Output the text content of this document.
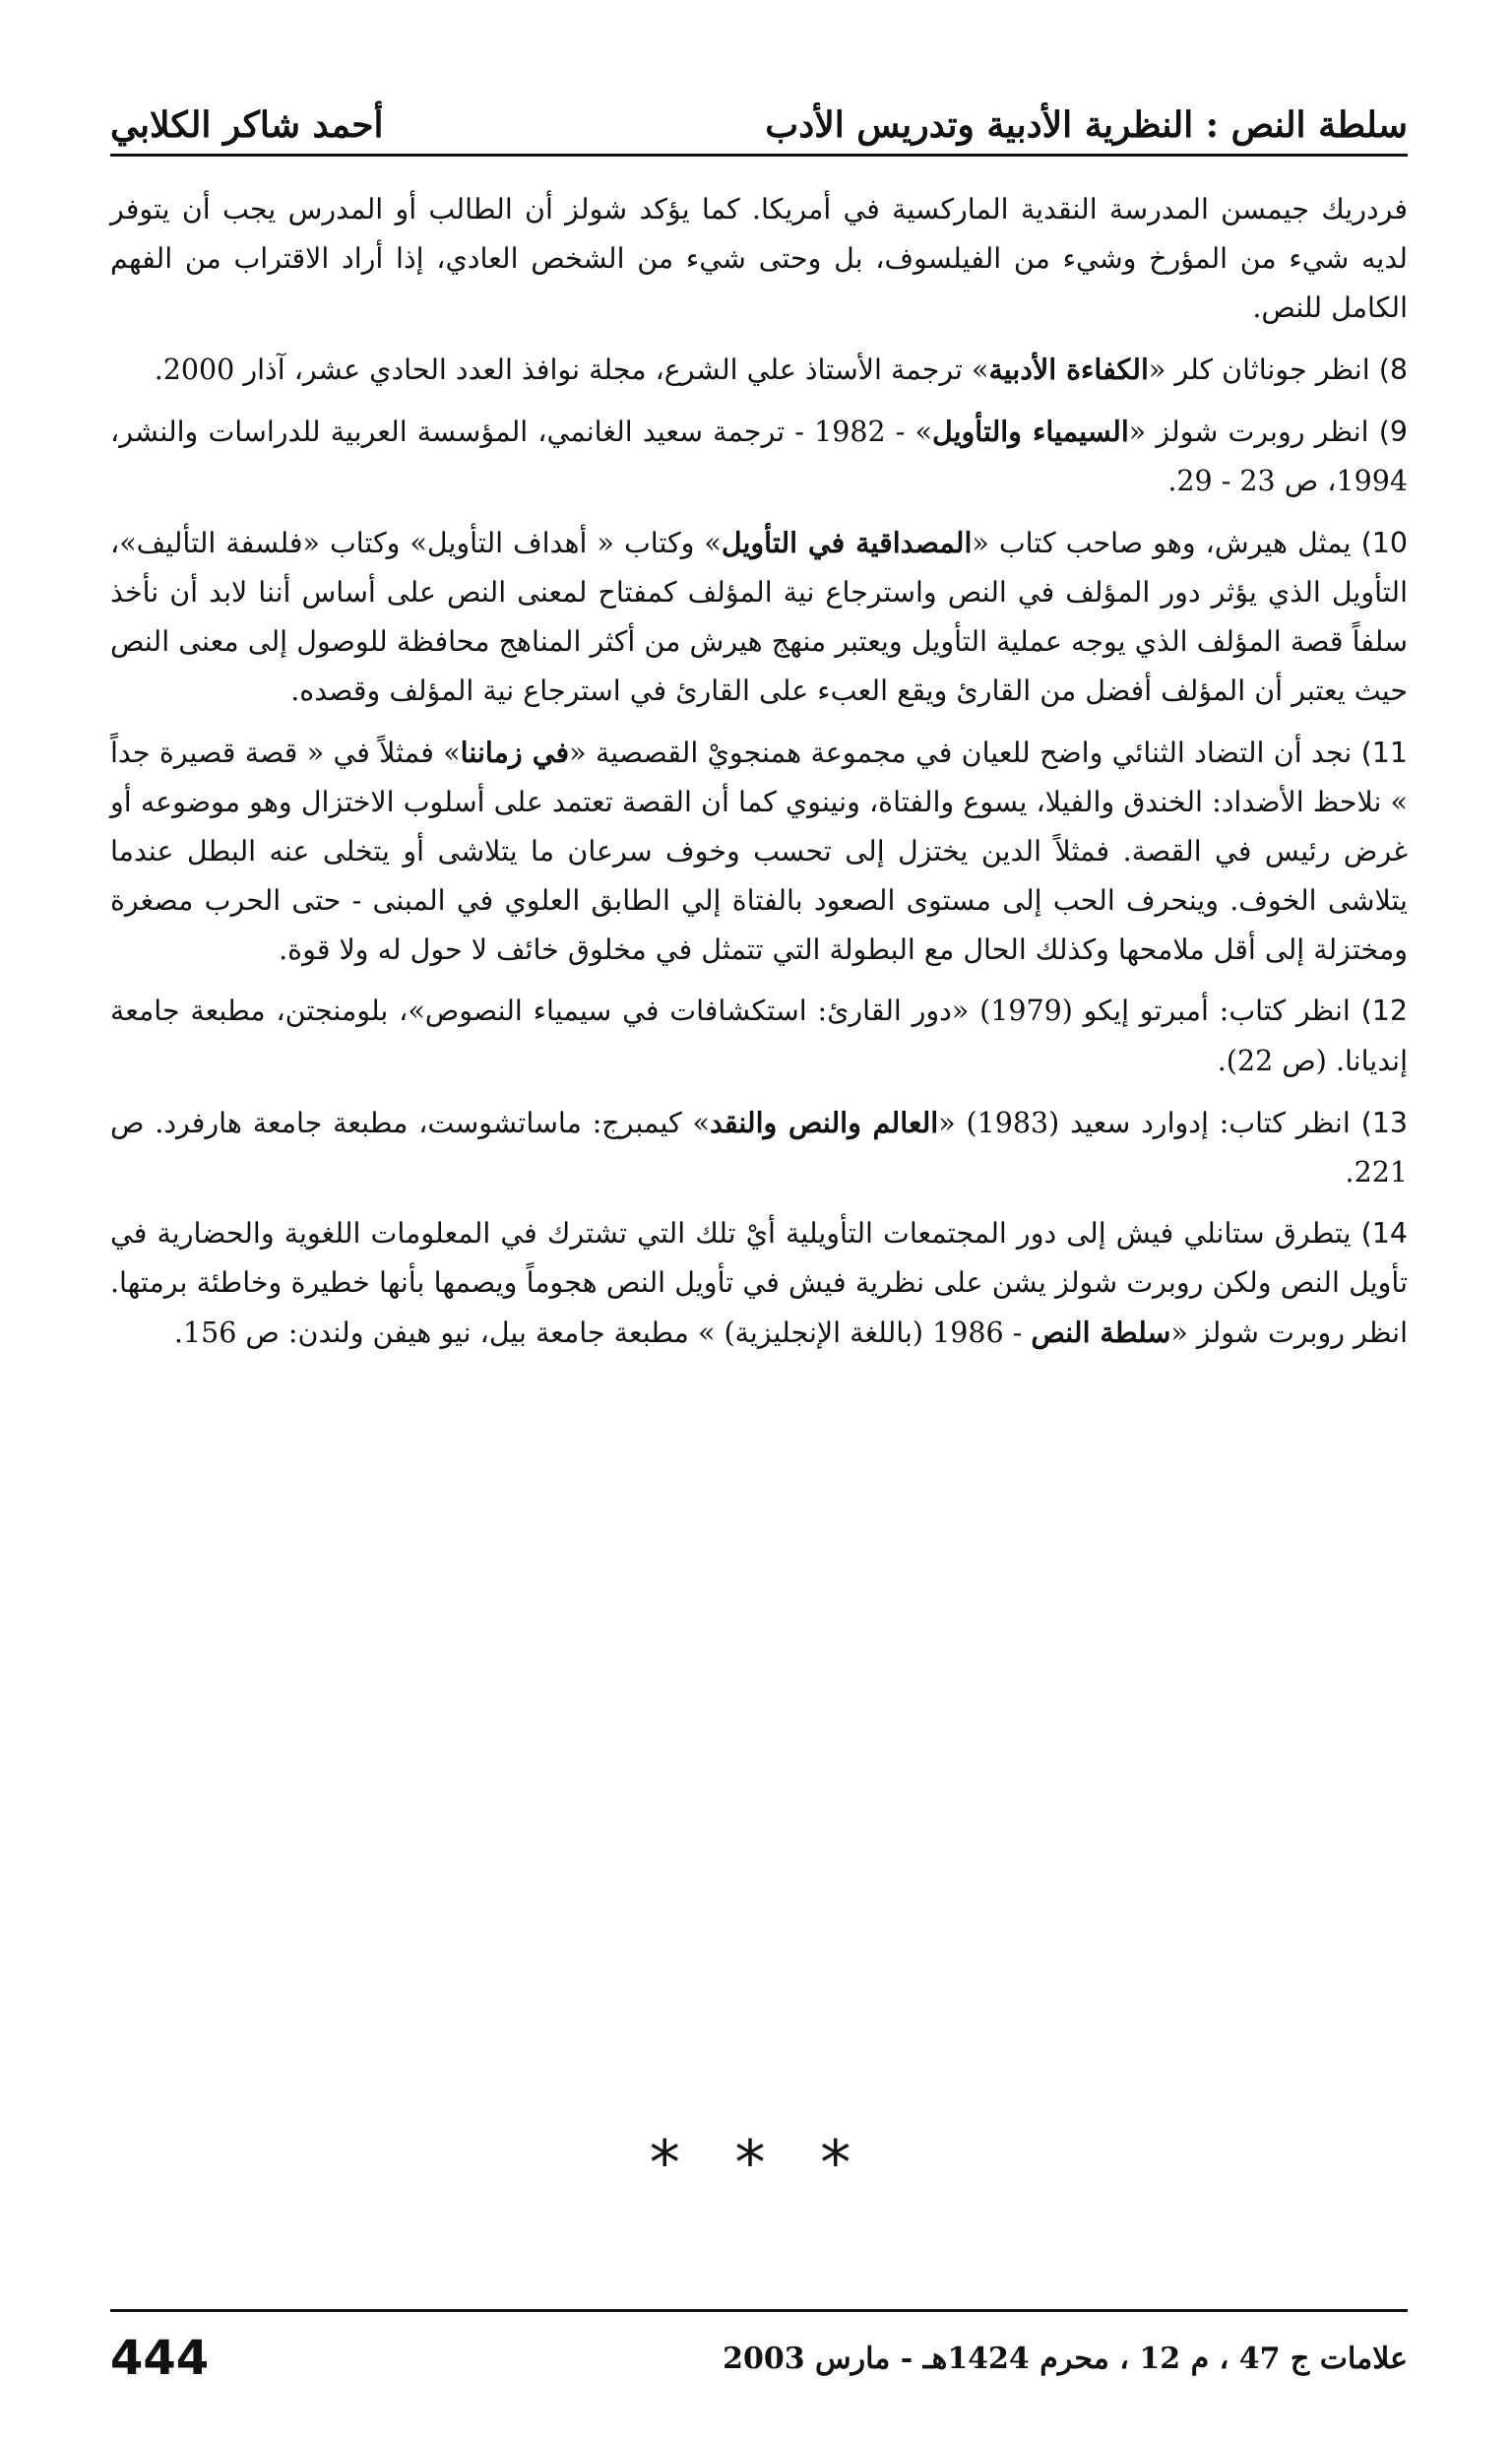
سلطة النص : النظرية الأدبية وتدريس الأدب
أحمد شاكر الكلابي

فردريك جيمسن المدرسة النقدية الماركسية في أمريكا. كما يؤكد شولز أن الطالب أو المدرس يجب أن يتوفر لديه شيء من المؤرخ وشيء من الفيلسوف، بل وحتى شيء من الشخص العادي، إذا أراد الاقتراب من الفهم الكامل للنص.

8) انظر جوناثان كلر «الكفاءة الأدبية» ترجمة الأستاذ علي الشرع، مجلة نوافذ العدد الحادي عشر، آذار 2000.

9) انظر روبرت شولز «السيمياء والتأويل» - 1982 - ترجمة سعيد الغانمي، المؤسسة العربية للدراسات والنشر، 1994، ص 23 - 29.

10) يمثل هيرش، وهو صاحب كتاب «المصداقية في التأويل» وكتاب « أهداف التأويل» وكتاب «فلسفة التأليف»، التأويل الذي يؤثر دور المؤلف في النص واسترجاع نية المؤلف كمفتاح لمعنى النص على أساس أننا لابد أن نأخذ سلفاً قصة المؤلف الذي يوجه عملية التأويل ويعتبر منهج هيرش من أكثر المناهج محافظة للوصول إلى معنى النص حيث يعتبر أن المؤلف أفضل من القارئ ويقع العبء على القارئ في استرجاع نية المؤلف وقصده.

11) نجد أن التضاد الثنائي واضح للعيان في مجموعة همنجويْ القصصية «في زماننا» فمثلاً في « قصة قصيرة جداً » نلاحظ الأضداد: الخندق والفيلا، يسوع والفتاة، ونينوي كما أن القصة تعتمد على أسلوب الاختزال وهو موضوعه أو غرض رئيس في القصة. فمثلاً الدين يختزل إلى تحسب وخوف سرعان ما يتلاشى أو يتخلى عنه البطل عندما يتلاشى الخوف. وينحرف الحب إلى مستوى الصعود بالفتاة إلي الطابق العلوي في المبنى - حتى الحرب مصغرة ومختزلة إلى أقل ملامحها وكذلك الحال مع البطولة التي تتمثل في مخلوق خائف لا حول له ولا قوة.

12) انظر كتاب: أمبرتو إيكو (1979) «دور القارئ: استكشافات في سيمياء النصوص»، بلومنجتن، مطبعة جامعة إنديانا. (ص 22).

13) انظر كتاب: إدوارد سعيد (1983) «العالم والنص والنقد» كيمبرج: ماساتشوست، مطبعة جامعة هارفرد. ص 221.

14) يتطرق ستانلي فيش إلى دور المجتمعات التأويلية أيْ تلك التي تشترك في المعلومات اللغوية والحضارية في تأويل النص ولكن روبرت شولز يشن على نظرية فيش في تأويل النص هجوماً ويصمها بأنها خطيرة وخاطئة برمتها. انظر روبرت شولز «سلطة النص - 1986 (باللغة الإنجليزية) » مطبعة جامعة بيل، نيو هيفن ولندن: ص 156.

* * *
علامات ج 47 ، م 12 ، محرم 1424هـ - مارس 2003
444
